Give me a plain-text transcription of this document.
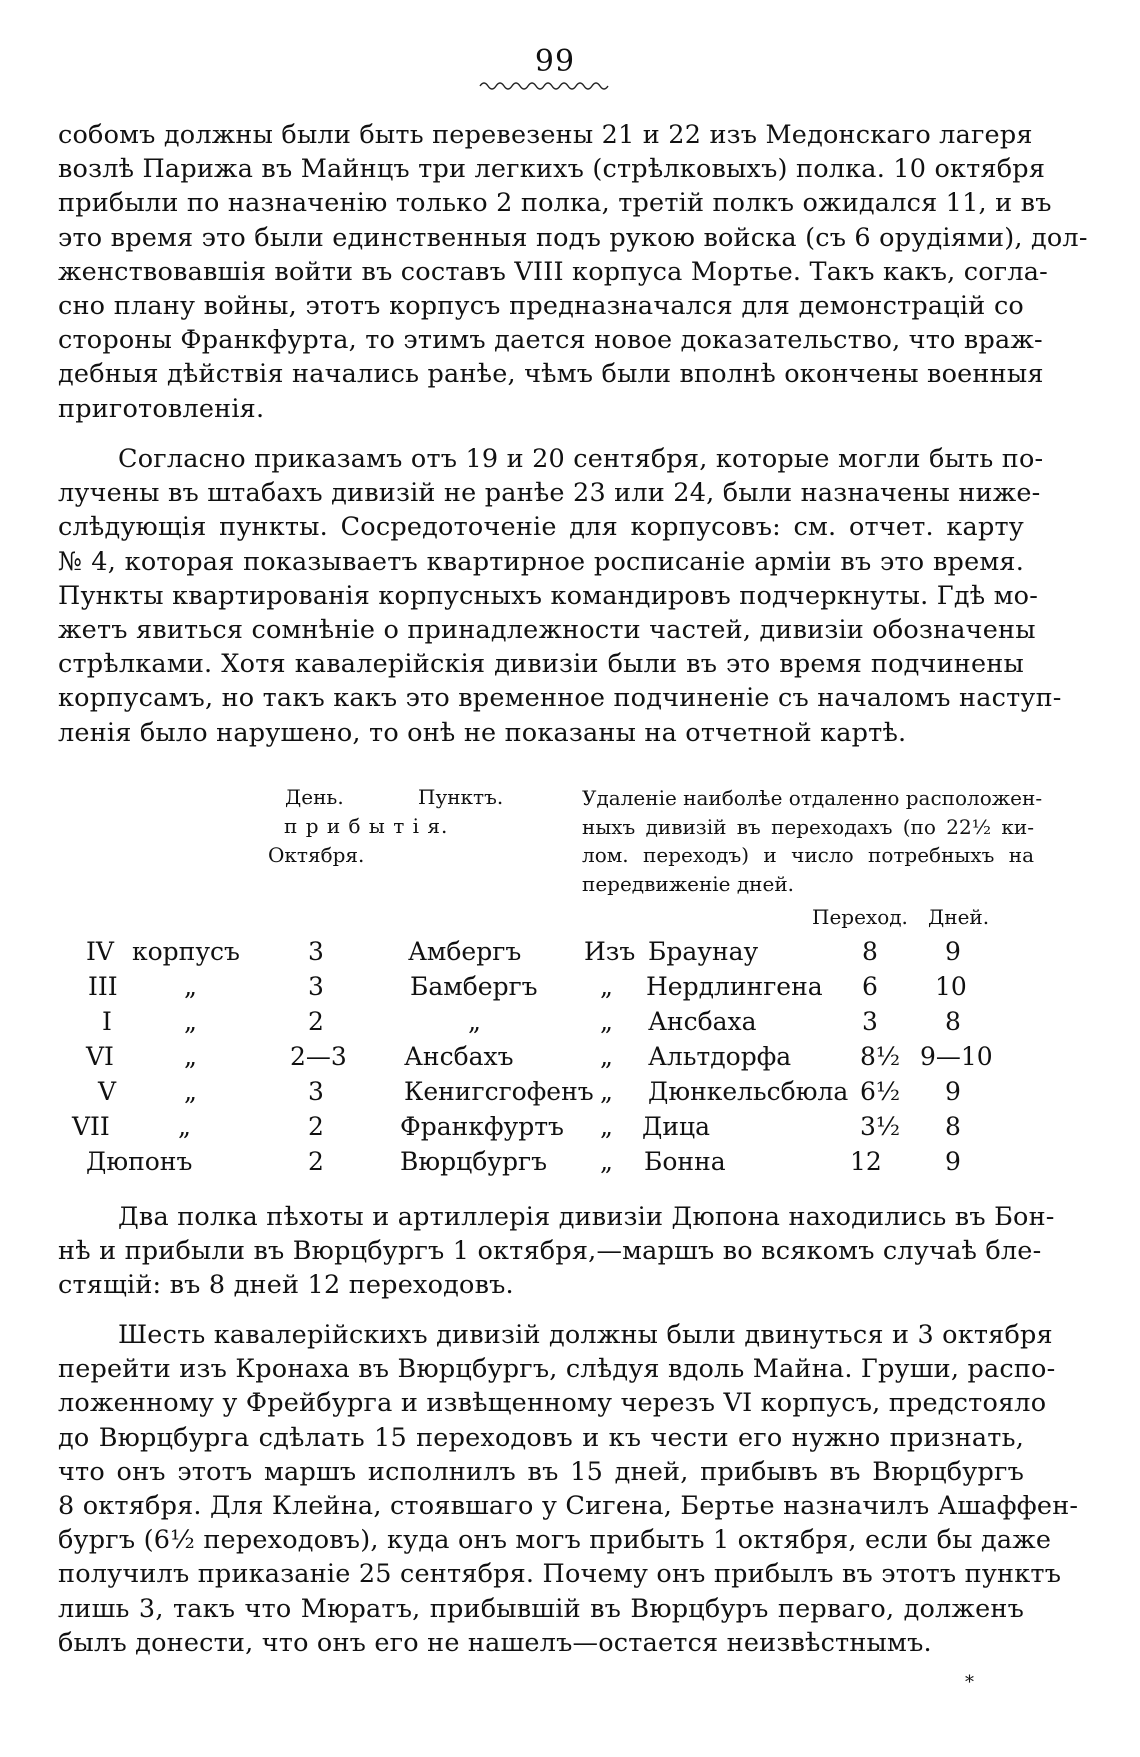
99
собомъ должны были быть перевезены 21 и 22 изъ Медонскаго лагеря
возлѣ Парижа въ Майнцъ три легкихъ (стрѣлковыхъ) полка. 10 октября
прибыли по назначенію только 2 полка, третій полкъ ожидался 11, и въ
это время это были единственныя подъ рукою войска (съ 6 орудіями), дол-
женствовавшія войти въ составъ VIII корпуса Мортье. Такъ какъ, согла-
сно плану войны, этотъ корпусъ предназначался для демонстрацій со
стороны Франкфурта, то этимъ дается новое доказательство, что враж-
дебныя дѣйствія начались ранѣе, чѣмъ были вполнѣ окончены военныя
приготовленія.
Согласно приказамъ отъ 19 и 20 сентября, которые могли быть по-
лучены въ штабахъ дивизій не ранѣе 23 или 24, были назначены ниже-
слѣдующія пункты. Сосредоточеніе для корпусовъ: см. отчет. карту
№ 4, которая показываетъ квартирное росписаніе арміи въ это время.
Пункты квартированія корпусныхъ командировъ подчеркнуты. Гдѣ мо-
жетъ явиться сомнѣніе о принадлежности частей, дивизіи обозначены
стрѣлками. Хотя кавалерійскія дивизіи были въ это время подчинены
корпусамъ, но такъ какъ это временное подчиненіе съ началомъ наступ-
ленія было нарушено, то онѣ не показаны на отчетной картѣ.
День.	Пунктъ.
п р и б ы т і я.
Октября.
Удаленіе наиболѣе отдаленно расположен-
ныхъ дивизій въ переходахъ (по 22½ ки-
лом. переходъ) и число потребныхъ на
передвиженіе дней.
Переход. Дней.
IV корпусъ	3	Амбергъ	Изъ Браунау	8	9
III	„	3	Бамбергъ „ Нердлингена 6 10
I	„	2	„	„ Ансбаха	3	8
VI	„	2—3 Ансбахъ	„ Альтдорфа	8½ 9—10
V	„	3	Кенигсгофенъ „ Дюнкельсбюла 6½ 9
VII	„	2	Франкфуртъ „ Дица	3½ 8
Дюпонъ	2	Вюрцбургъ „ Бонна	12	9
Два полка пѣхоты и артиллерія дивизіи Дюпона находились въ Бон-
нѣ и прибыли въ Вюрцбургъ 1 октября,—маршъ во всякомъ случаѣ бле-
стящій: въ 8 дней 12 переходовъ.
Шесть кавалерійскихъ дивизій должны были двинуться и 3 октября
перейти изъ Кронаха въ Вюрцбургъ, слѣдуя вдоль Майна. Груши, распо-
ложенному у Фрейбурга и извѣщенному черезъ VI корпусъ, предстояло
до Вюрцбурга сдѣлать 15 переходовъ и къ чести его нужно признать,
что онъ этотъ маршъ исполнилъ въ 15 дней, прибывъ въ Вюрцбургъ
8 октября. Для Клейна, стоявшаго у Сигена, Бертье назначилъ Ашаффен-
бургъ (6½ переходовъ), куда онъ могъ прибыть 1 октября, если бы даже
получилъ приказаніе 25 сентября. Почему онъ прибылъ въ этотъ пунктъ
лишь 3, такъ что Мюратъ, прибывшій въ Вюрцбуръ перваго, долженъ
былъ донести, что онъ его не нашелъ—остается неизвѣстнымъ.
*
